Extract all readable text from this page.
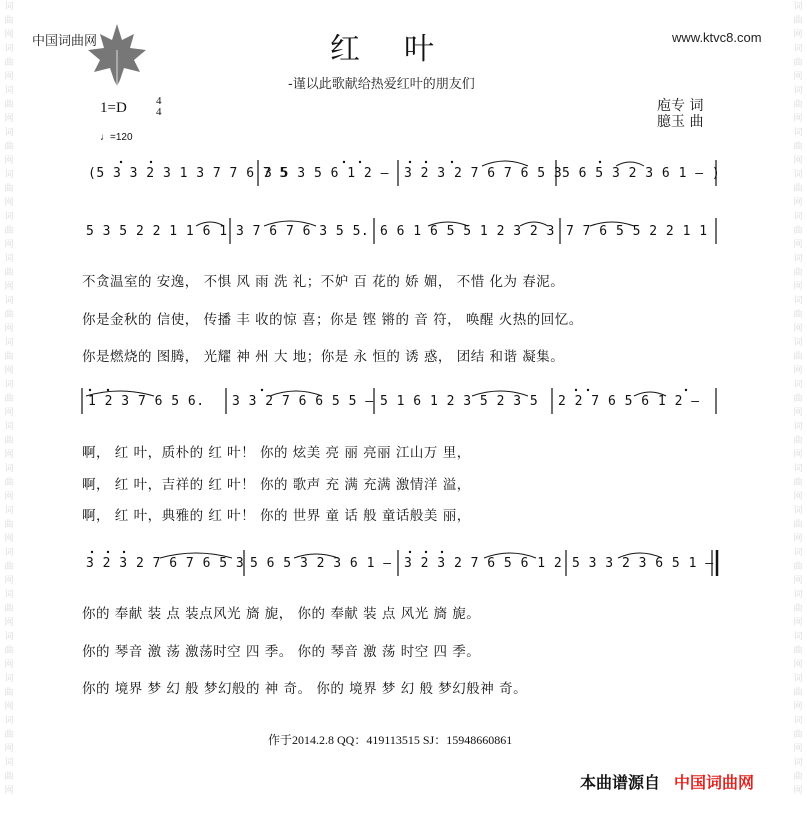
词
曲
网
词
曲
网
词
曲
网
词
曲
网
词
曲
网
词
曲
网
词
曲
网
词
曲
网
词
曲
网
词
曲
网
词
曲
网
词
曲
网
词
曲
网
词
曲
网
词
曲
网
词
曲
网
词
曲
网
词
曲
网
词
曲
网
词
曲
网
词
曲
网
词
曲
网
词
曲
网
词
曲
网
词
曲
网
词
曲
网
词
曲
网
词
曲
网
词
曲
网
词
曲
网
词
曲
网
词
曲
网
词
曲
网
词
曲
网
词
曲
网
词
曲
网
词
曲
网
词
曲
网
中国词曲网	红叶	www.ktvc8.com
-谨以此歌献给热爱红叶的朋友们
1=D	4
4
♩=120
庖专 词
臆玉 曲
(5 3 3 2 3 1 3 7 7 6 7 5
3 5 3 5 6 1 2 – 3 2 3 2 7 6 7 6 5 3 5 6 5 3 2 3 6 1 – )
5 3 5 2 2 1 1 6 1 3 7 6 7 6 3 5 5. 6 6 1 6 5 5 1 2 3 2 3 7 7 6 5 5 2 2 1 1
不贪温室的 安逸， 不惧 风 雨 洗 礼；不妒 百 花的 娇 媚， 不惜 化为 春泥。
你是金秋的 信使， 传播 丰 收的惊 喜；你是 铿 锵的 音 符， 唤醒 火热的回忆。
你是燃烧的 图腾， 光耀 神 州 大 地；你是 永 恒的 诱 惑， 团结 和谐 凝集。
1 2 3 7 6 5 6. 3 3 2 7 6 6 5 5 – 5 1 6 1 2 3 5 2 3 5 2 2 7 6 5 6 1 2 –
啊， 红 叶，质朴的 红 叶！ 你的 炫美 亮 丽 亮丽 江山万 里，
啊， 红 叶，吉祥的 红 叶！ 你的 歌声 充 满 充满 激情洋 溢，
啊， 红 叶，典雅的 红 叶！ 你的 世界 童 话 般 童话般美 丽，
3 2 3 2 7 6 7 6 5 3 5 6 5 3 2 3 6 1 – 3 2 3 2 7 6 5 6 1 2 5 3 3 2 3 6 5 1 –
你的 奉献 装 点 装点风光 旖 旎， 你的 奉献 装 点 风光 旖 旎。
你的 琴音 激 荡 激荡时空 四 季。 你的 琴音 激 荡 时空 四 季。
你的 境界 梦 幻 般 梦幻般的 神 奇。 你的 境界 梦 幻 般 梦幻般神 奇。
作于2014.2.8 QQ：419113515 SJ：15948660861
本曲谱源自 中国词曲网
